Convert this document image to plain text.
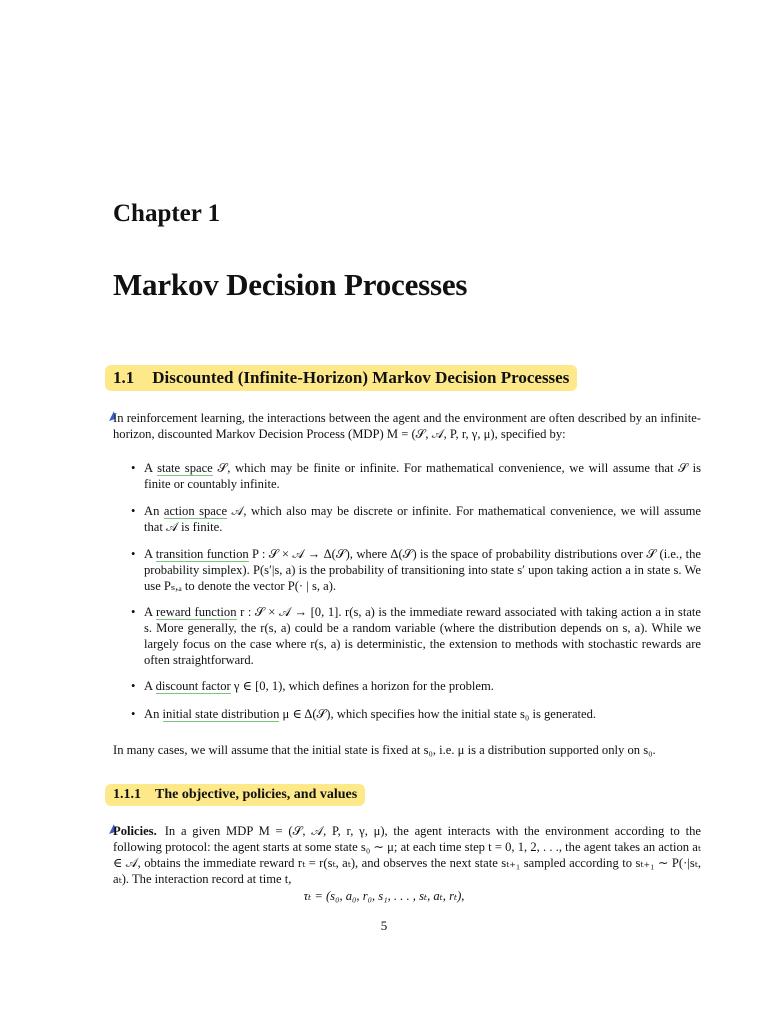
Chapter 1
Markov Decision Processes
1.1 Discounted (Infinite-Horizon) Markov Decision Processes

In reinforcement learning, the interactions between the agent and the environment are often described by an infinite-horizon, discounted Markov Decision Process (MDP) M = (𝒮, 𝒜, P, r, γ, μ), specified by:

• A state space 𝒮, which may be finite or infinite. For mathematical convenience, we will assume that 𝒮 is finite or countably infinite.
• An action space 𝒜, which also may be discrete or infinite. For mathematical convenience, we will assume that 𝒜 is finite.
• A transition function P : 𝒮 × 𝒜 → Δ(𝒮), where Δ(𝒮) is the space of probability distributions over 𝒮 (i.e., the probability simplex). P(s′|s, a) is the probability of transitioning into state s′ upon taking action a in state s. We use Pₛ,ₐ to denote the vector P(· | s, a).
• A reward function r : 𝒮 × 𝒜 → [0, 1]. r(s, a) is the immediate reward associated with taking action a in state s. More generally, the r(s, a) could be a random variable (where the distribution depends on s, a). While we largely focus on the case where r(s, a) is deterministic, the extension to methods with stochastic rewards are often straightforward.
• A discount factor γ ∈ [0, 1), which defines a horizon for the problem.
• An initial state distribution μ ∈ Δ(𝒮), which specifies how the initial state s₀ is generated.

In many cases, we will assume that the initial state is fixed at s₀, i.e. μ is a distribution supported only on s₀.

1.1.1 The objective, policies, and values

Policies. In a given MDP M = (𝒮, 𝒜, P, r, γ, μ), the agent interacts with the environment according to the following protocol: the agent starts at some state s₀ ∼ μ; at each time step t = 0, 1, 2, . . ., the agent takes an action aₜ ∈ 𝒜, obtains the immediate reward rₜ = r(sₜ, aₜ), and observes the next state sₜ₊₁ sampled according to sₜ₊₁ ∼ P(·|sₜ, aₜ). The interaction record at time t,

τₜ = (s₀, a₀, r₀, s₁, . . . , sₜ, aₜ, rₜ),
5
